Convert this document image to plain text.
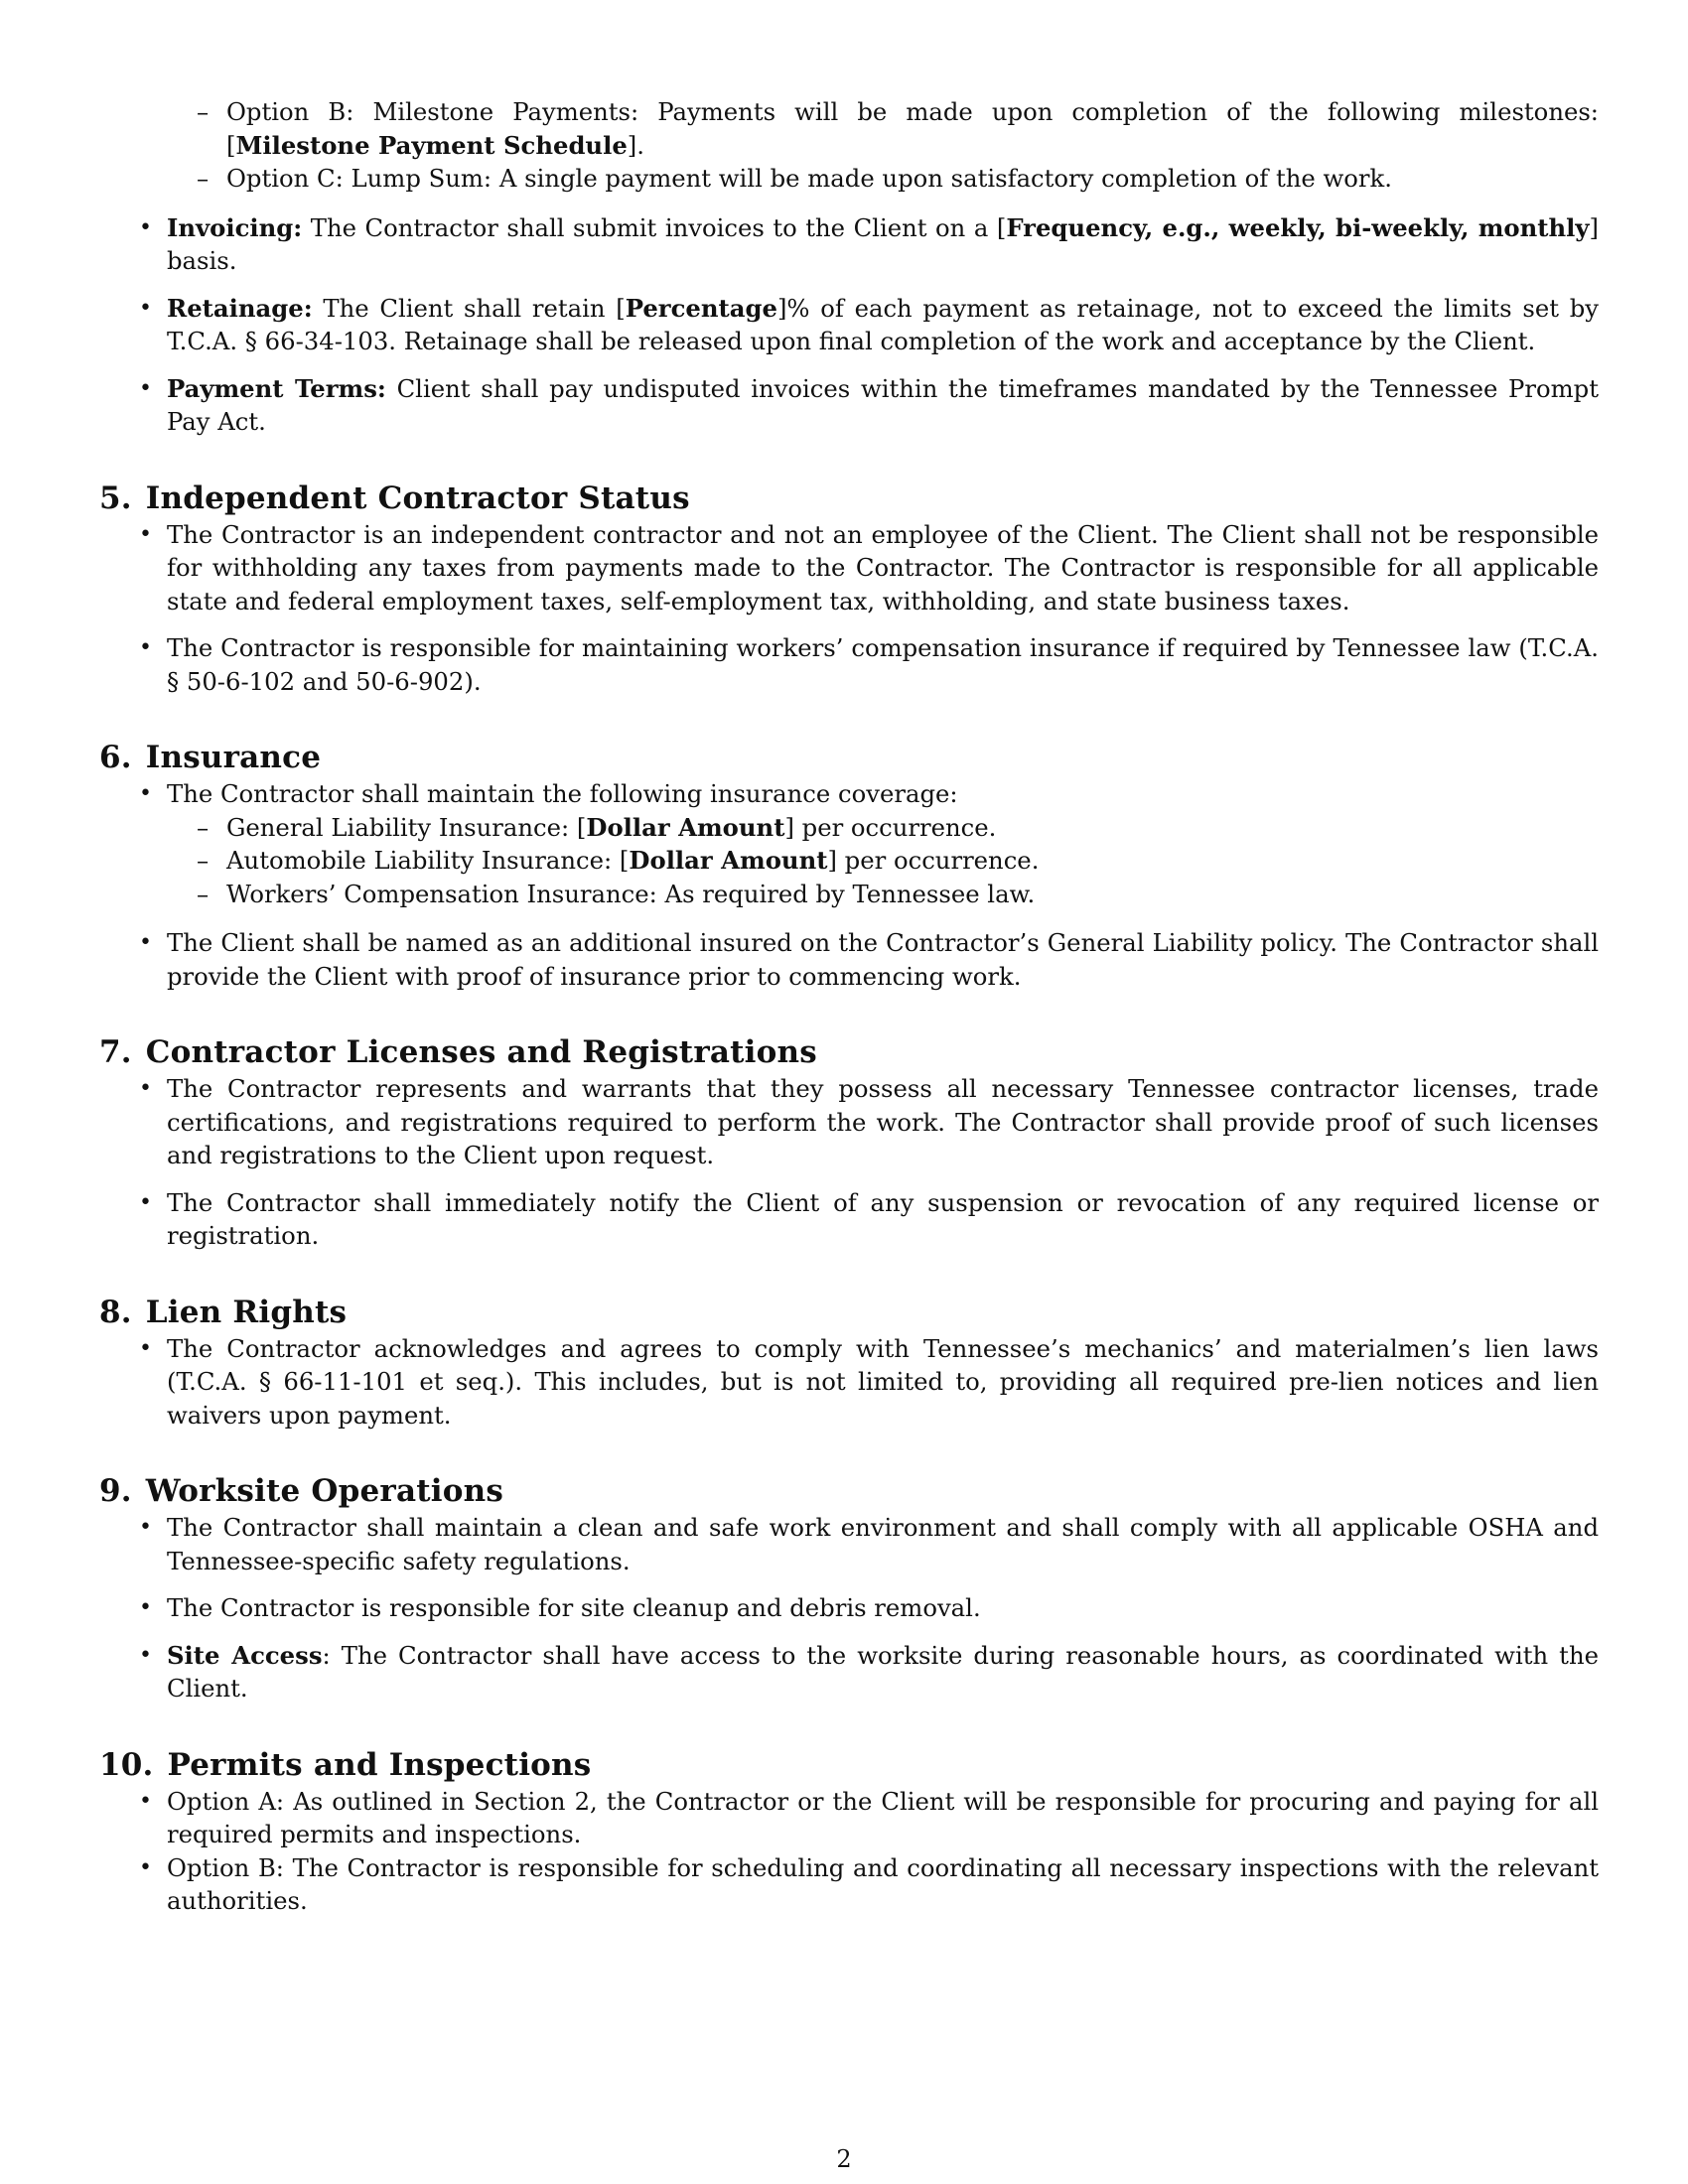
– Option B: Milestone Payments: Payments will be made upon completion of the following milestones: [Milestone Payment Schedule].
– Option C: Lump Sum: A single payment will be made upon satisfactory completion of the work.
• Invoicing: The Contractor shall submit invoices to the Client on a [Frequency, e.g., weekly, bi-weekly, monthly] basis.
• Retainage: The Client shall retain [Percentage]% of each payment as retainage, not to exceed the limits set by T.C.A. § 66-34-103. Retainage shall be released upon final completion of the work and acceptance by the Client.
• Payment Terms: Client shall pay undisputed invoices within the timeframes mandated by the Tennessee Prompt Pay Act.
5. Independent Contractor Status
• The Contractor is an independent contractor and not an employee of the Client. The Client shall not be responsible for withholding any taxes from payments made to the Contractor. The Contractor is responsible for all applicable state and federal employment taxes, self-employment tax, withholding, and state business taxes.
• The Contractor is responsible for maintaining workers’ compensation insurance if required by Tennessee law (T.C.A. § 50-6-102 and 50-6-902).
6. Insurance
• The Contractor shall maintain the following insurance coverage:
– General Liability Insurance: [Dollar Amount] per occurrence.
– Automobile Liability Insurance: [Dollar Amount] per occurrence.
– Workers’ Compensation Insurance: As required by Tennessee law.
• The Client shall be named as an additional insured on the Contractor’s General Liability policy. The Contractor shall provide the Client with proof of insurance prior to commencing work.
7. Contractor Licenses and Registrations
• The Contractor represents and warrants that they possess all necessary Tennessee contractor licenses, trade certifications, and registrations required to perform the work. The Contractor shall provide proof of such licenses and registrations to the Client upon request.
• The Contractor shall immediately notify the Client of any suspension or revocation of any required license or registration.
8. Lien Rights
• The Contractor acknowledges and agrees to comply with Tennessee’s mechanics’ and materialmen’s lien laws (T.C.A. § 66-11-101 et seq.). This includes, but is not limited to, providing all required pre-lien notices and lien waivers upon payment.
9. Worksite Operations
• The Contractor shall maintain a clean and safe work environment and shall comply with all applicable OSHA and Tennessee-specific safety regulations.
• The Contractor is responsible for site cleanup and debris removal.
• Site Access: The Contractor shall have access to the worksite during reasonable hours, as coordinated with the Client.
10. Permits and Inspections
• Option A: As outlined in Section 2, the Contractor or the Client will be responsible for procuring and paying for all required permits and inspections.
• Option B: The Contractor is responsible for scheduling and coordinating all necessary inspections with the relevant authorities.
2
